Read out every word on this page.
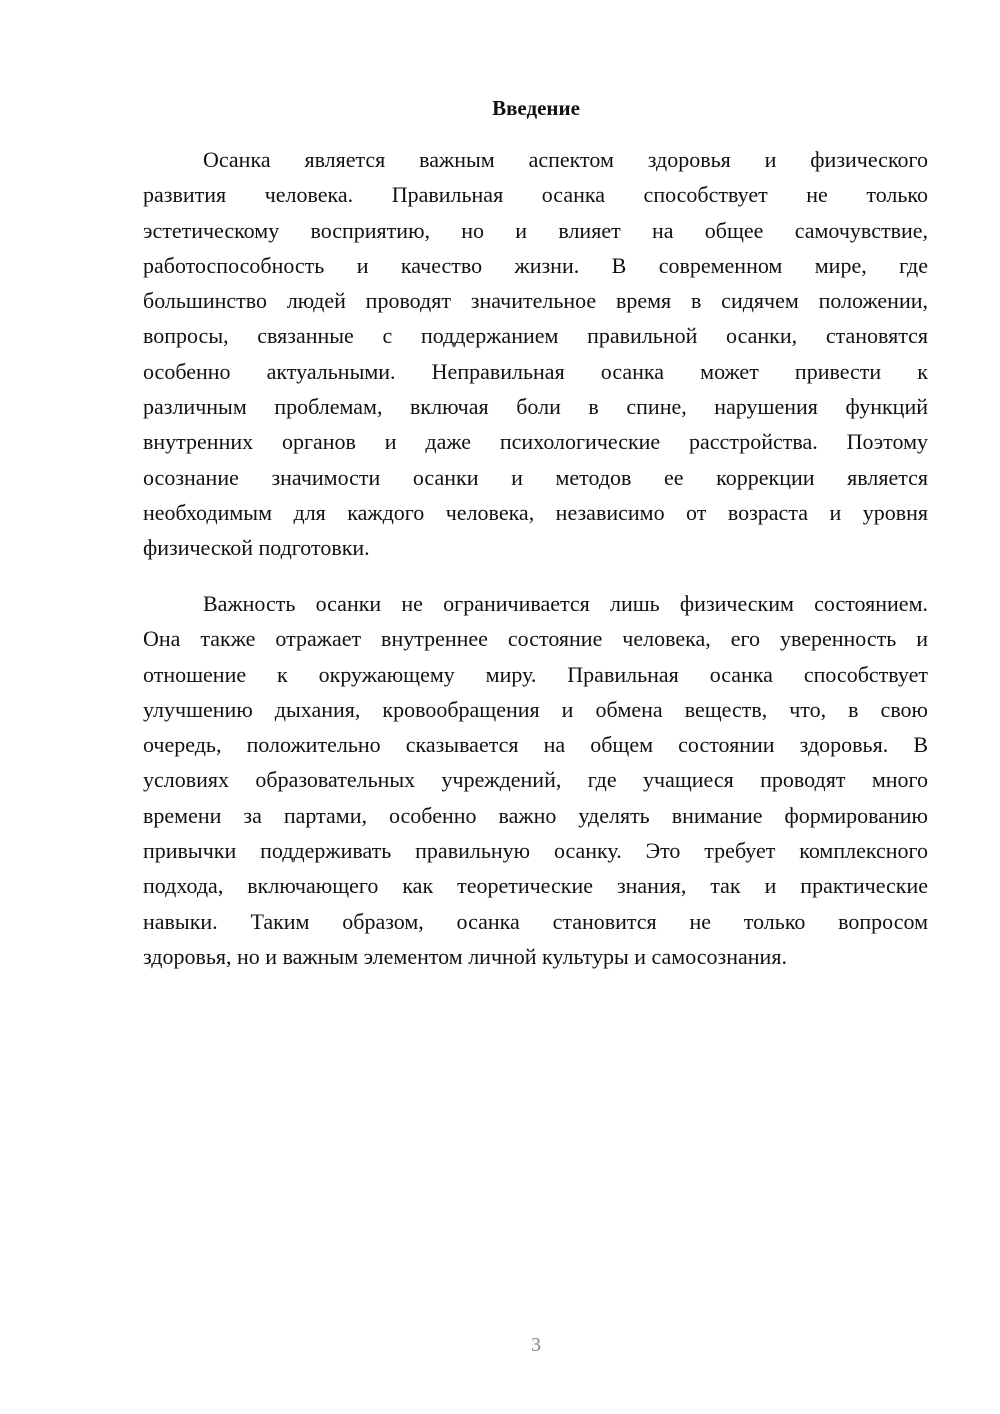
Введение
Осанка является важным аспектом здоровья и физического
развития человека. Правильная осанка способствует не только
эстетическому восприятию, но и влияет на общее самочувствие,
работоспособность и качество жизни. В современном мире, где
большинство людей проводят значительное время в сидячем положении,
вопросы, связанные с поддержанием правильной осанки, становятся
особенно актуальными. Неправильная осанка может привести к
различным проблемам, включая боли в спине, нарушения функций
внутренних органов и даже психологические расстройства. Поэтому
осознание значимости осанки и методов ее коррекции является
необходимым для каждого человека, независимо от возраста и уровня
физической подготовки.
Важность осанки не ограничивается лишь физическим состоянием.
Она также отражает внутреннее состояние человека, его уверенность и
отношение к окружающему миру. Правильная осанка способствует
улучшению дыхания, кровообращения и обмена веществ, что, в свою
очередь, положительно сказывается на общем состоянии здоровья. В
условиях образовательных учреждений, где учащиеся проводят много
времени за партами, особенно важно уделять внимание формированию
привычки поддерживать правильную осанку. Это требует комплексного
подхода, включающего как теоретические знания, так и практические
навыки. Таким образом, осанка становится не только вопросом
здоровья, но и важным элементом личной культуры и самосознания.
3
